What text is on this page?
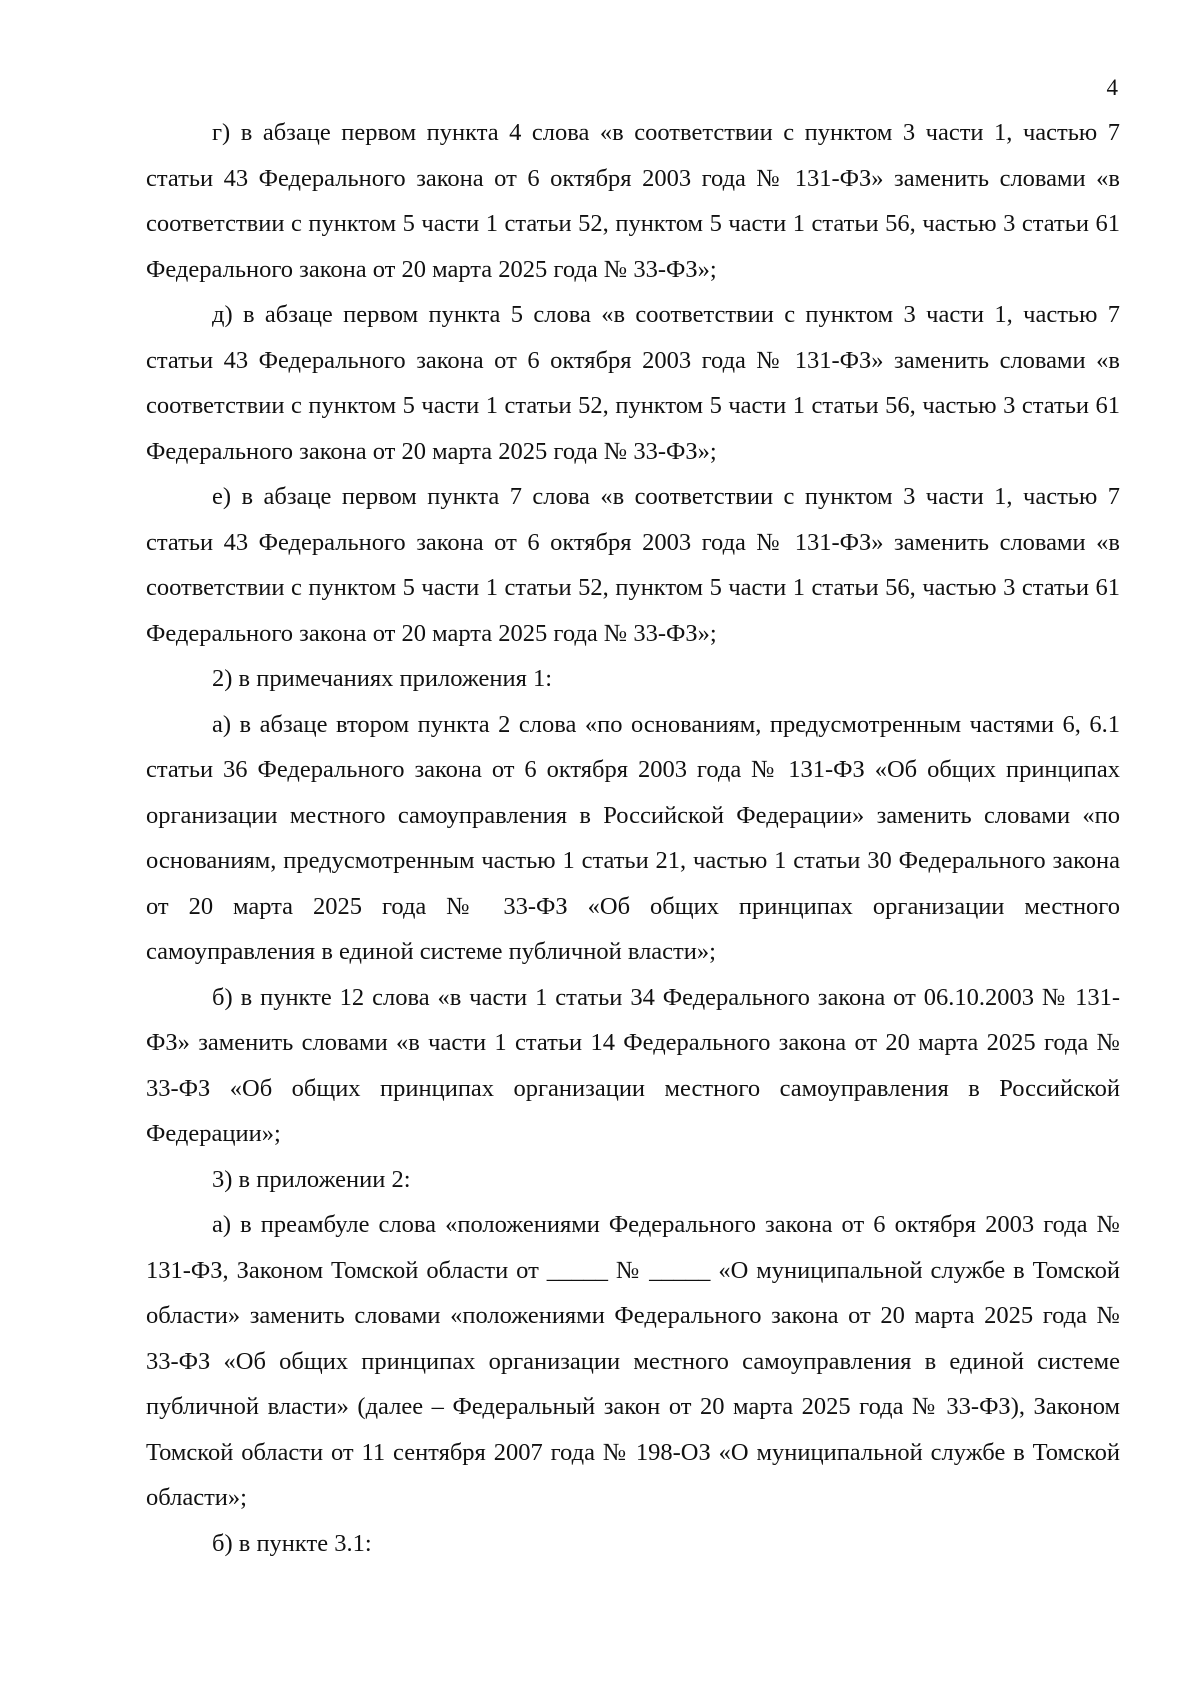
4

г) в абзаце первом пункта 4 слова «в соответствии с пунктом 3 части 1, частью 7 статьи 43 Федерального закона от 6 октября 2003 года № 131-ФЗ» заменить словами «в соответствии с пунктом 5 части 1 статьи 52, пунктом 5 части 1 статьи 56, частью 3 статьи 61 Федерального закона от 20 марта 2025 года № 33-ФЗ»;

д) в абзаце первом пункта 5 слова «в соответствии с пунктом 3 части 1, частью 7 статьи 43 Федерального закона от 6 октября 2003 года № 131-ФЗ» заменить словами «в соответствии с пунктом 5 части 1 статьи 52, пунктом 5 части 1 статьи 56, частью 3 статьи 61 Федерального закона от 20 марта 2025 года № 33-ФЗ»;

е) в абзаце первом пункта 7 слова «в соответствии с пунктом 3 части 1, частью 7 статьи 43 Федерального закона от 6 октября 2003 года № 131-ФЗ» заменить словами «в соответствии с пунктом 5 части 1 статьи 52, пунктом 5 части 1 статьи 56, частью 3 статьи 61 Федерального закона от 20 марта 2025 года № 33-ФЗ»;

2) в примечаниях приложения 1:

а) в абзаце втором пункта 2 слова «по основаниям, предусмотренным частями 6, 6.1 статьи 36 Федерального закона от 6 октября 2003 года № 131-ФЗ «Об общих принципах организации местного самоуправления в Российской Федерации» заменить словами «по основаниям, предусмотренным частью 1 статьи 21, частью 1 статьи 30 Федерального закона от 20 марта 2025 года № 33-ФЗ «Об общих принципах организации местного самоуправления в единой системе публичной власти»;

б) в пункте 12 слова «в части 1 статьи 34 Федерального закона от 06.10.2003 № 131-ФЗ» заменить словами «в части 1 статьи 14 Федерального закона от 20 марта 2025 года № 33-ФЗ «Об общих принципах организации местного самоуправления в Российской Федерации»;

3) в приложении 2:

а) в преамбуле слова «положениями Федерального закона от 6 октября 2003 года № 131-ФЗ, Законом Томской области от _____ № _____ «О муниципальной службе в Томской области» заменить словами «положениями Федерального закона от 20 марта 2025 года № 33-ФЗ «Об общих принципах организации местного самоуправления в единой системе публичной власти» (далее – Федеральный закон от 20 марта 2025 года № 33-ФЗ), Законом Томской области от 11 сентября 2007 года № 198-ОЗ «О муниципальной службе в Томской области»;

б) в пункте 3.1:
